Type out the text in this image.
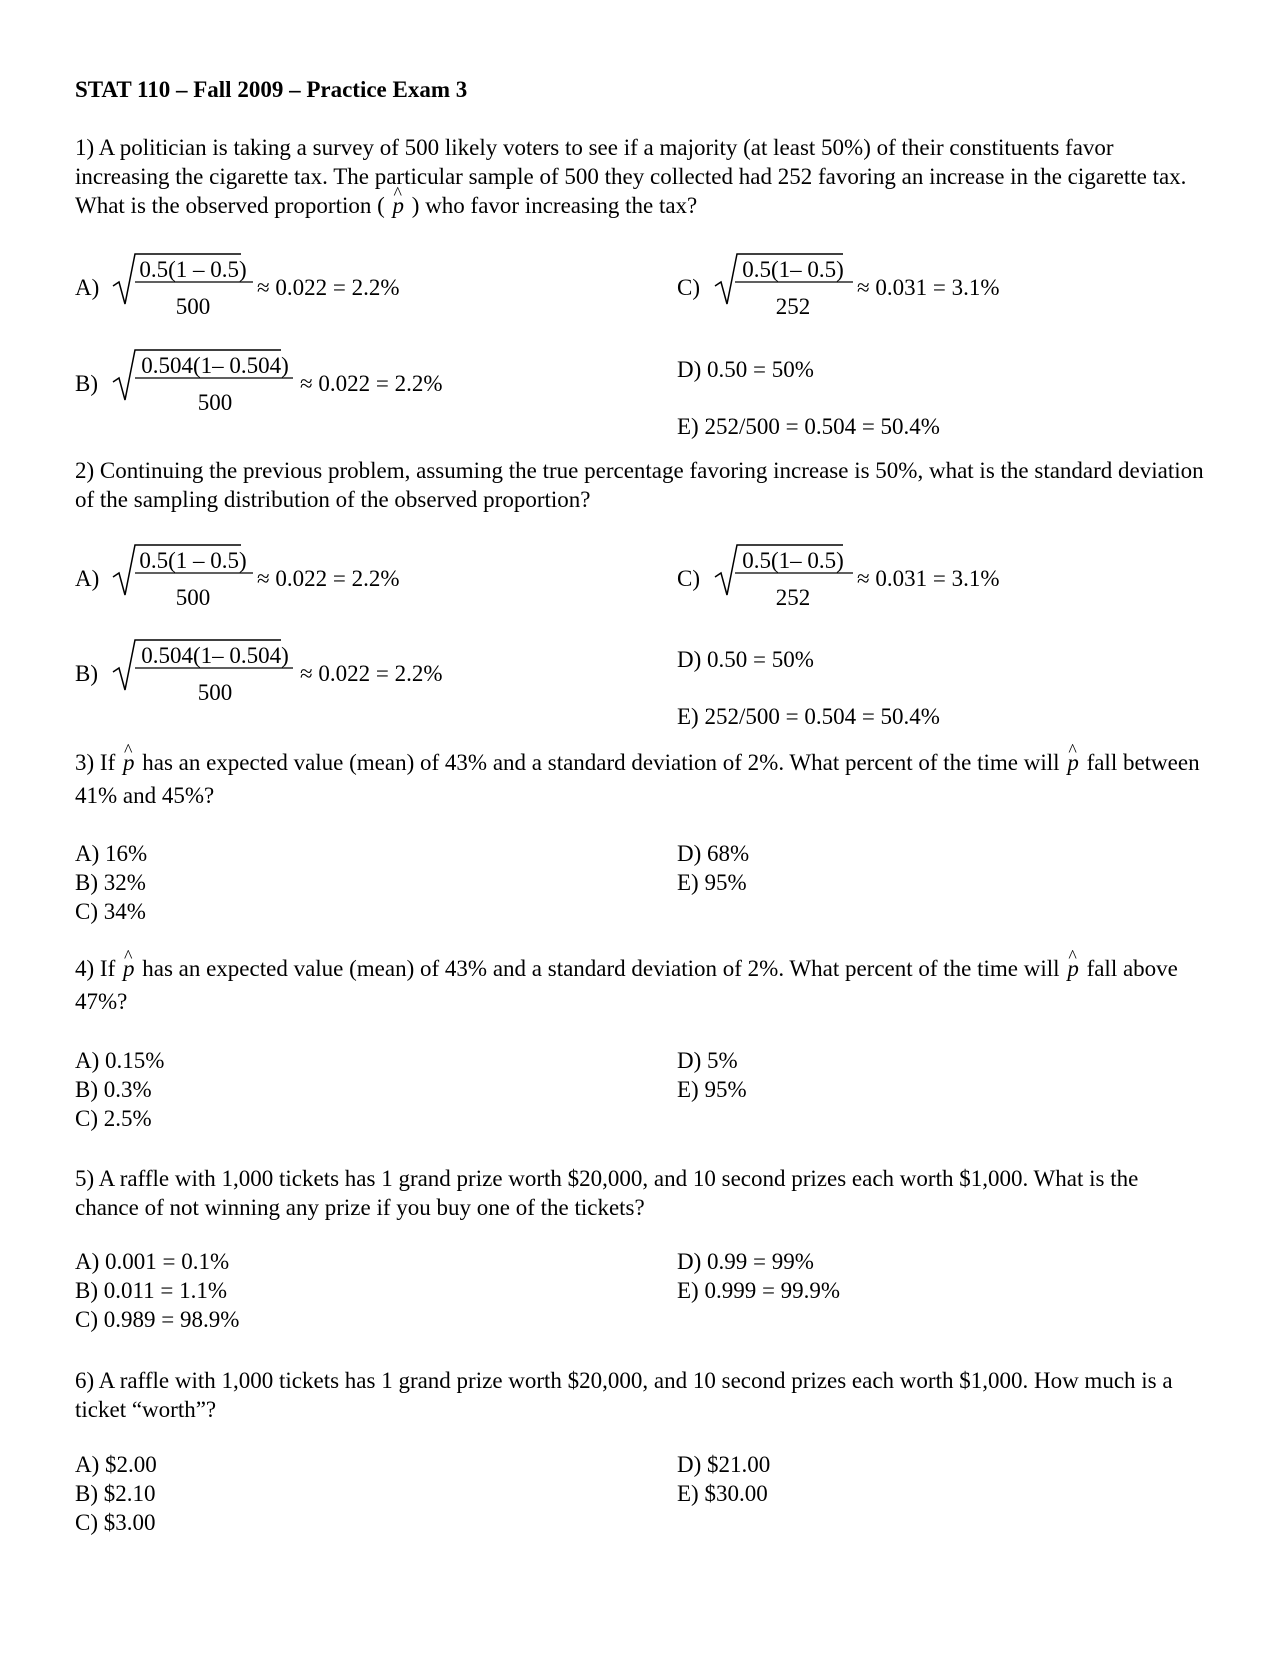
STAT 110 – Fall 2009 – Practice Exam 3

1) A politician is taking a survey of 500 likely voters to see if a majority (at least 50%) of their constituents favor increasing the cigarette tax. The particular sample of 500 they collected had 252 favoring an increase in the cigarette tax. What is the observed proportion ( ^ p ) who favor increasing the tax?

A)
0.5(1 – 0.5)
500
≈ 0.022 = 2.2%
B)
0.504(1– 0.504)
500
≈ 0.022 = 2.2%
C)
0.5(1– 0.5)
252
≈ 0.031 = 3.1%
D) 0.50 = 50%
E) 252/500 = 0.504 = 50.4%
2) Continuing the previous problem, assuming the true percentage favoring increase is 50%, what is the standard deviation of the sampling distribution of the observed proportion?
A)
0.5(1 – 0.5)
500
≈ 0.022 = 2.2%
B)
0.504(1– 0.504)
500
≈ 0.022 = 2.2%
C)
0.5(1– 0.5)
252
≈ 0.031 = 3.1%
D) 0.50 = 50%
E) 252/500 = 0.504 = 50.4%
3) If ^ p has an expected value (mean) of 43% and a standard deviation of 2%. What percent of the time will ^ p fall between 41% and 45%?
A) 16%
B) 32%
C) 34%
D) 68%
E) 95%
4) If ^ p has an expected value (mean) of 43% and a standard deviation of 2%. What percent of the time will ^ p fall above 47%?
A) 0.15%
B) 0.3%
C) 2.5%
D) 5%
E) 95%
5) A raffle with 1,000 tickets has 1 grand prize worth $20,000, and 10 second prizes each worth $1,000. What is the chance of not winning any prize if you buy one of the tickets?
A) 0.001 = 0.1%
B) 0.011 = 1.1%
C) 0.989 = 98.9%
D) 0.99 = 99%
E) 0.999 = 99.9%
6) A raffle with 1,000 tickets has 1 grand prize worth $20,000, and 10 second prizes each worth $1,000. How much is a ticket “worth”?
A) $2.00
B) $2.10
C) $3.00
D) $21.00
E) $30.00
